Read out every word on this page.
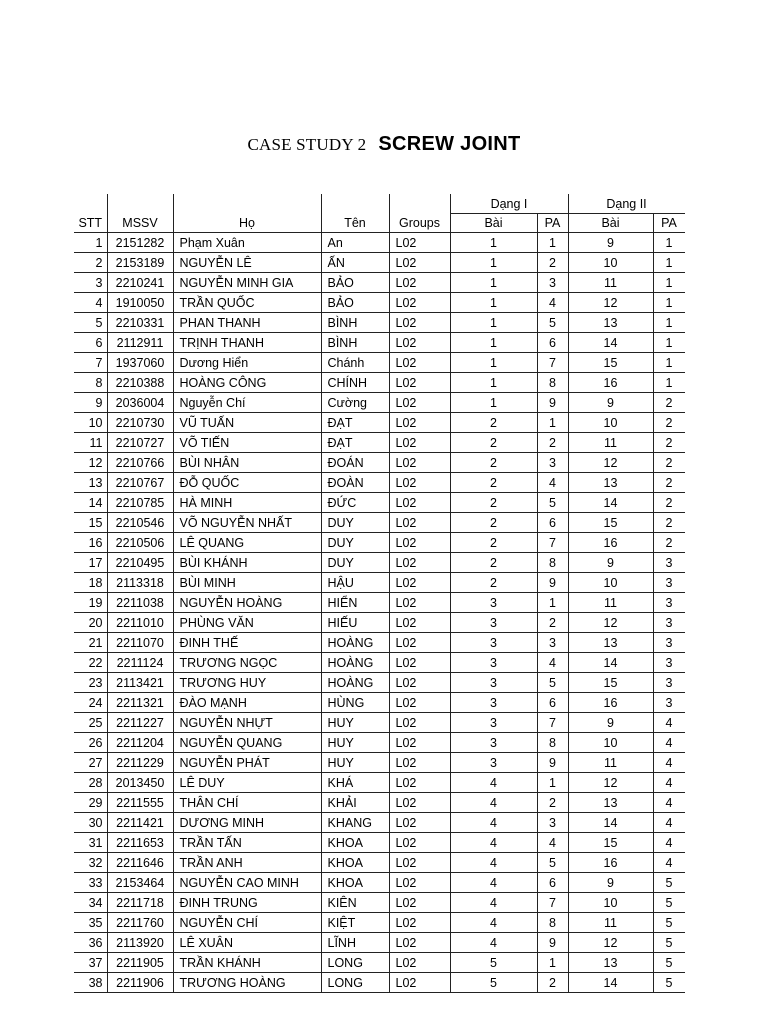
CASE STUDY 2 SCREW JOINT
					Dạng I		Dạng II	
STT	MSSV	Họ	Tên	Groups	Bài	PA	Bài	PA
1	2151282	Phạm Xuân	An	L02	1	1	9	1
2	2153189	NGUYỄN LÊ	ẤN	L02	1	2	10	1
3	2210241	NGUYỄN MINH GIA	BẢO	L02	1	3	11	1
4	1910050	TRẦN QUỐC	BẢO	L02	1	4	12	1
5	2210331	PHAN THANH	BÌNH	L02	1	5	13	1
6	2112911	TRỊNH THANH	BÌNH	L02	1	6	14	1
7	1937060	Dương Hiển	Chánh	L02	1	7	15	1
8	2210388	HOÀNG CÔNG	CHÍNH	L02	1	8	16	1
9	2036004	Nguyễn Chí	Cường	L02	1	9	9	2
10	2210730	VŨ TUẤN	ĐẠT	L02	2	1	10	2
11	2210727	VÕ TIẾN	ĐẠT	L02	2	2	11	2
12	2210766	BÙI NHÂN	ĐOÁN	L02	2	3	12	2
13	2210767	ĐỖ QUỐC	ĐOÀN	L02	2	4	13	2
14	2210785	HÀ MINH	ĐỨC	L02	2	5	14	2
15	2210546	VÕ NGUYỄN NHẤT	DUY	L02	2	6	15	2
16	2210506	LÊ QUANG	DUY	L02	2	7	16	2
17	2210495	BÙI KHÁNH	DUY	L02	2	8	9	3
18	2113318	BÙI MINH	HẬU	L02	2	9	10	3
19	2211038	NGUYỄN HOÀNG	HIỂN	L02	3	1	11	3
20	2211010	PHÙNG VĂN	HIẾU	L02	3	2	12	3
21	2211070	ĐINH THẾ	HOÀNG	L02	3	3	13	3
22	2211124	TRƯƠNG NGỌC	HOÀNG	L02	3	4	14	3
23	2113421	TRƯƠNG HUY	HOÀNG	L02	3	5	15	3
24	2211321	ĐÀO MẠNH	HÙNG	L02	3	6	16	3
25	2211227	NGUYỄN NHỰT	HUY	L02	3	7	9	4
26	2211204	NGUYỄN QUANG	HUY	L02	3	8	10	4
27	2211229	NGUYỄN PHÁT	HUY	L02	3	9	11	4
28	2013450	LÊ DUY	KHÁ	L02	4	1	12	4
29	2211555	THÂN CHÍ	KHẢI	L02	4	2	13	4
30	2211421	DƯƠNG MINH	KHANG	L02	4	3	14	4
31	2211653	TRẦN TẤN	KHOA	L02	4	4	15	4
32	2211646	TRẦN ANH	KHOA	L02	4	5	16	4
33	2153464	NGUYỄN CAO MINH	KHOA	L02	4	6	9	5
34	2211718	ĐINH TRUNG	KIÊN	L02	4	7	10	5
35	2211760	NGUYỄN CHÍ	KIỆT	L02	4	8	11	5
36	2113920	LÊ XUÂN	LĨNH	L02	4	9	12	5
37	2211905	TRẦN KHÁNH	LONG	L02	5	1	13	5
38	2211906	TRƯƠNG HOÀNG	LONG	L02	5	2	14	5
